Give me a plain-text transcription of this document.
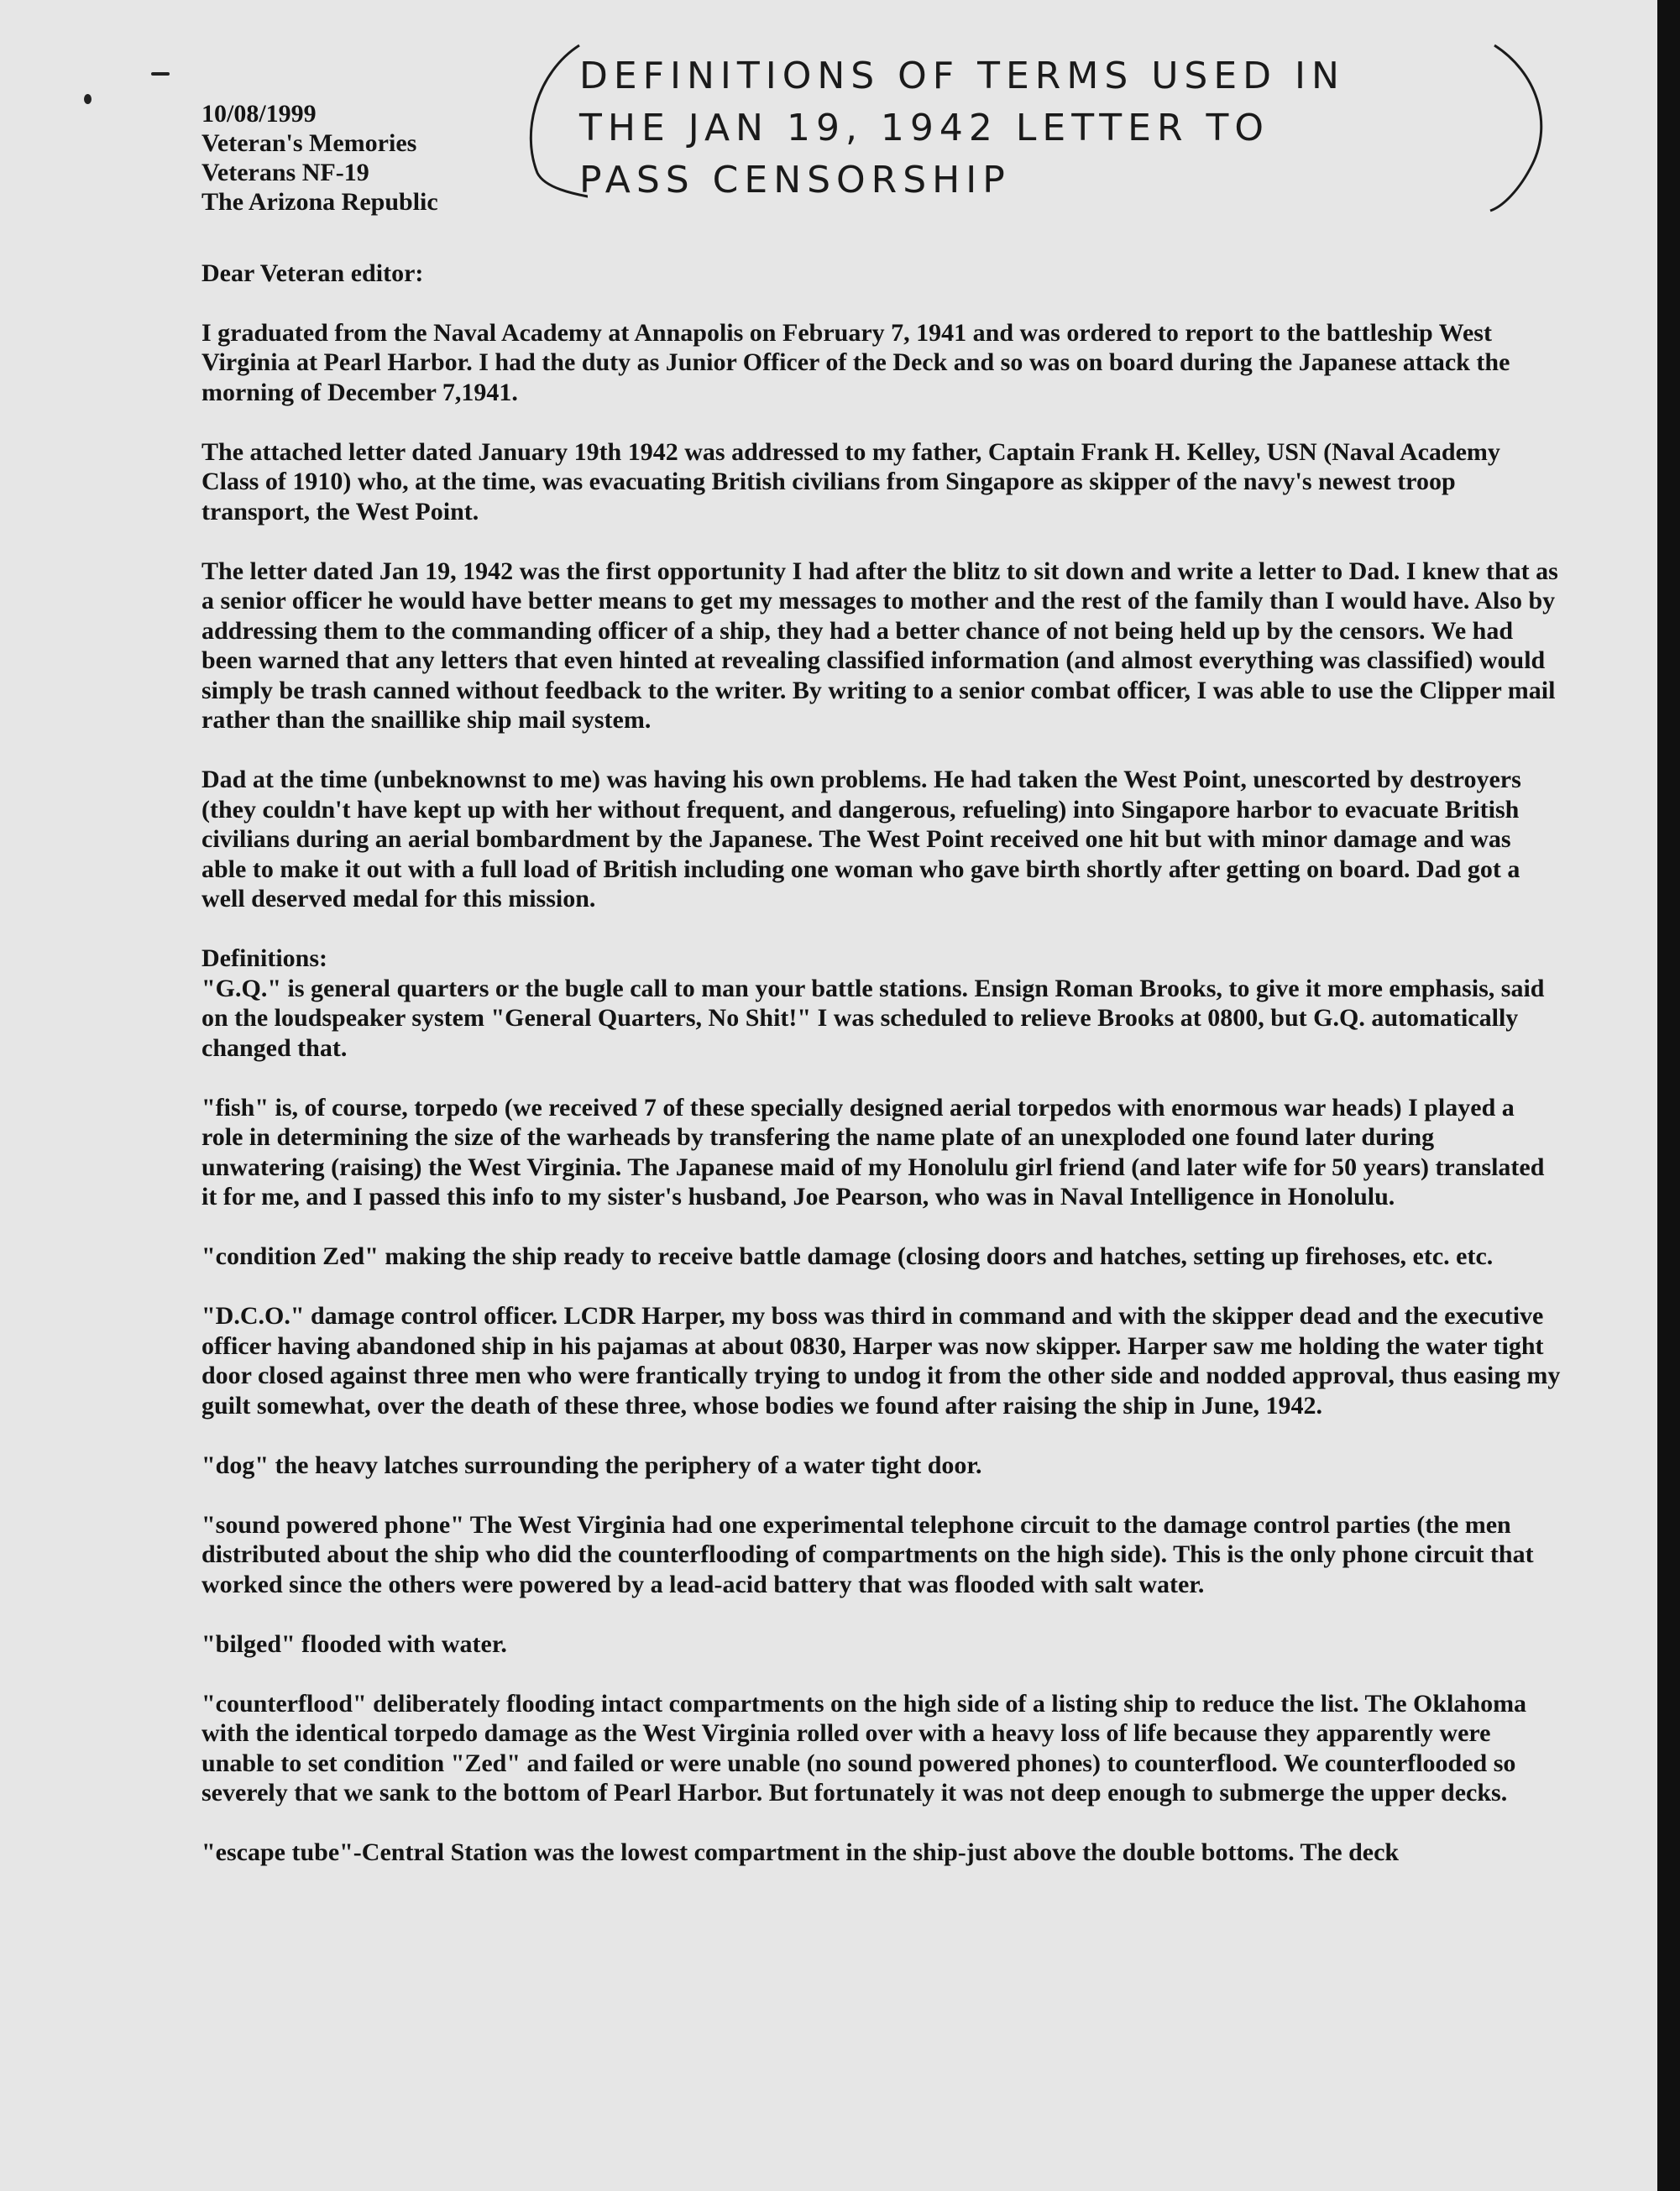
10/08/1999
Veteran's Memories
Veterans NF-19
The Arizona Republic
DEFINITIONS OF TERMS USED IN
THE JAN 19, 1942 LETTER TO
PASS CENSORSHIP
Dear Veteran editor:

I graduated from the Naval Academy at Annapolis on February 7, 1941 and was ordered to report to the battleship West Virginia at Pearl Harbor. I had the duty as Junior Officer of the Deck and so was on board during the Japanese attack the morning of December 7,1941.

The attached letter dated January 19th 1942 was addressed to my father, Captain Frank H. Kelley, USN (Naval Academy Class of 1910) who, at the time, was evacuating British civilians from Singapore as skipper of the navy's newest troop transport, the West Point.

The letter dated Jan 19, 1942 was the first opportunity I had after the blitz to sit down and write a letter to Dad. I knew that as a senior officer he would have better means to get my messages to mother and the rest of the family than I would have. Also by addressing them to the commanding officer of a ship, they had a better chance of not being held up by the censors. We had been warned that any letters that even hinted at revealing classified information (and almost everything was classified) would simply be trash canned without feedback to the writer. By writing to a senior combat officer, I was able to use the Clipper mail rather than the snaillike ship mail system.

Dad at the time (unbeknownst to me) was having his own problems. He had taken the West Point, unescorted by destroyers (they couldn't have kept up with her without frequent, and dangerous, refueling) into Singapore harbor to evacuate British civilians during an aerial bombardment by the Japanese. The West Point received one hit but with minor damage and was able to make it out with a full load of British including one woman who gave birth shortly after getting on board. Dad got a well deserved medal for this mission.

Definitions:

"G.Q." is general quarters or the bugle call to man your battle stations. Ensign Roman Brooks, to give it more emphasis, said on the loudspeaker system "General Quarters, No Shit!" I was scheduled to relieve Brooks at 0800, but G.Q. automatically changed that.

"fish" is, of course, torpedo (we received 7 of these specially designed aerial torpedos with enormous war heads) I played a role in determining the size of the warheads by transfering the name plate of an unexploded one found later during unwatering (raising) the West Virginia. The Japanese maid of my Honolulu girl friend (and later wife for 50 years) translated it for me, and I passed this info to my sister's husband, Joe Pearson, who was in Naval Intelligence in Honolulu.

"condition Zed" making the ship ready to receive battle damage (closing doors and hatches, setting up firehoses, etc. etc.

"D.C.O." damage control officer. LCDR Harper, my boss was third in command and with the skipper dead and the executive officer having abandoned ship in his pajamas at about 0830, Harper was now skipper. Harper saw me holding the water tight door closed against three men who were frantically trying to undog it from the other side and nodded approval, thus easing my guilt somewhat, over the death of these three, whose bodies we found after raising the ship in June, 1942.

"dog" the heavy latches surrounding the periphery of a water tight door.

"sound powered phone" The West Virginia had one experimental telephone circuit to the damage control parties (the men distributed about the ship who did the counterflooding of compartments on the high side). This is the only phone circuit that worked since the others were powered by a lead-acid battery that was flooded with salt water.

"bilged" flooded with water.

"counterflood" deliberately flooding intact compartments on the high side of a listing ship to reduce the list. The Oklahoma with the identical torpedo damage as the West Virginia rolled over with a heavy loss of life because they apparently were unable to set condition "Zed" and failed or were unable (no sound powered phones) to counterflood. We counterflooded so severely that we sank to the bottom of Pearl Harbor. But fortunately it was not deep enough to submerge the upper decks.

"escape tube"-Central Station was the lowest compartment in the ship-just above the double bottoms. The deck
